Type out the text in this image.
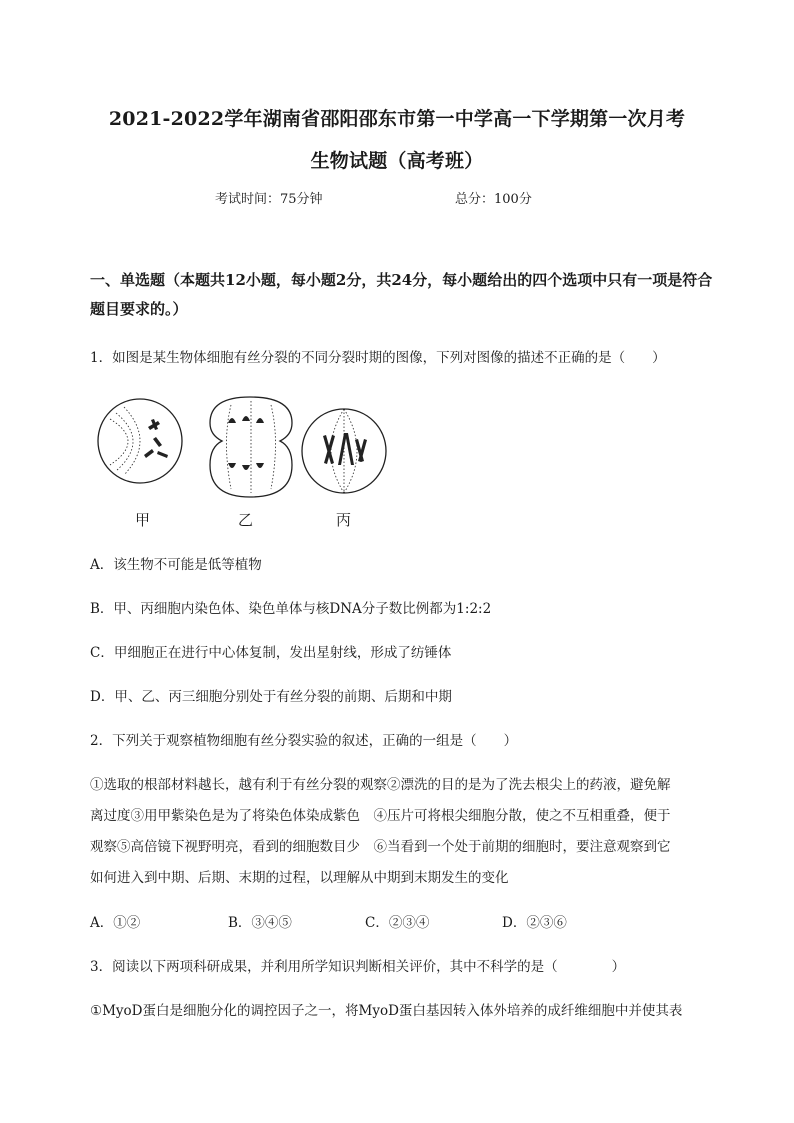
2021-2022学年湖南省邵阳邵东市第一中学高一下学期第一次月考
生物试题（高考班）
考试时间：75分钟	总分：100分
一、单选题（本题共12小题，每小题2分，共24分，每小题给出的四个选项中只有一项是符合题目要求的。）
1．如图是某生物体细胞有丝分裂的不同分裂时期的图像，下列对图像的描述不正确的是（　　）
甲	乙	丙
A．该生物不可能是低等植物
B．甲、丙细胞内染色体、染色单体与核DNA分子数比例都为1:2:2
C．甲细胞正在进行中心体复制，发出星射线，形成了纺锤体
D．甲、乙、丙三细胞分别处于有丝分裂的前期、后期和中期
2．下列关于观察植物细胞有丝分裂实验的叙述，正确的一组是（　　）
①选取的根部材料越长，越有利于有丝分裂的观察②漂洗的目的是为了洗去根尖上的药液，避免解
离过度③用甲紫染色是为了将染色体染成紫色　④压片可将根尖细胞分散，使之不互相重叠，便于
观察⑤高倍镜下视野明亮，看到的细胞数目少　⑥当看到一个处于前期的细胞时，要注意观察到它
如何进入到中期、后期、末期的过程，以理解从中期到末期发生的变化
A．①②	B．③④⑤	C．②③④	D．②③⑥
3．阅读以下两项科研成果，并利用所学知识判断相关评价，其中不科学的是（　　　　）
①MyoD蛋白是细胞分化的调控因子之一，将MyoD蛋白基因转入体外培养的成纤维细胞中并使其表
